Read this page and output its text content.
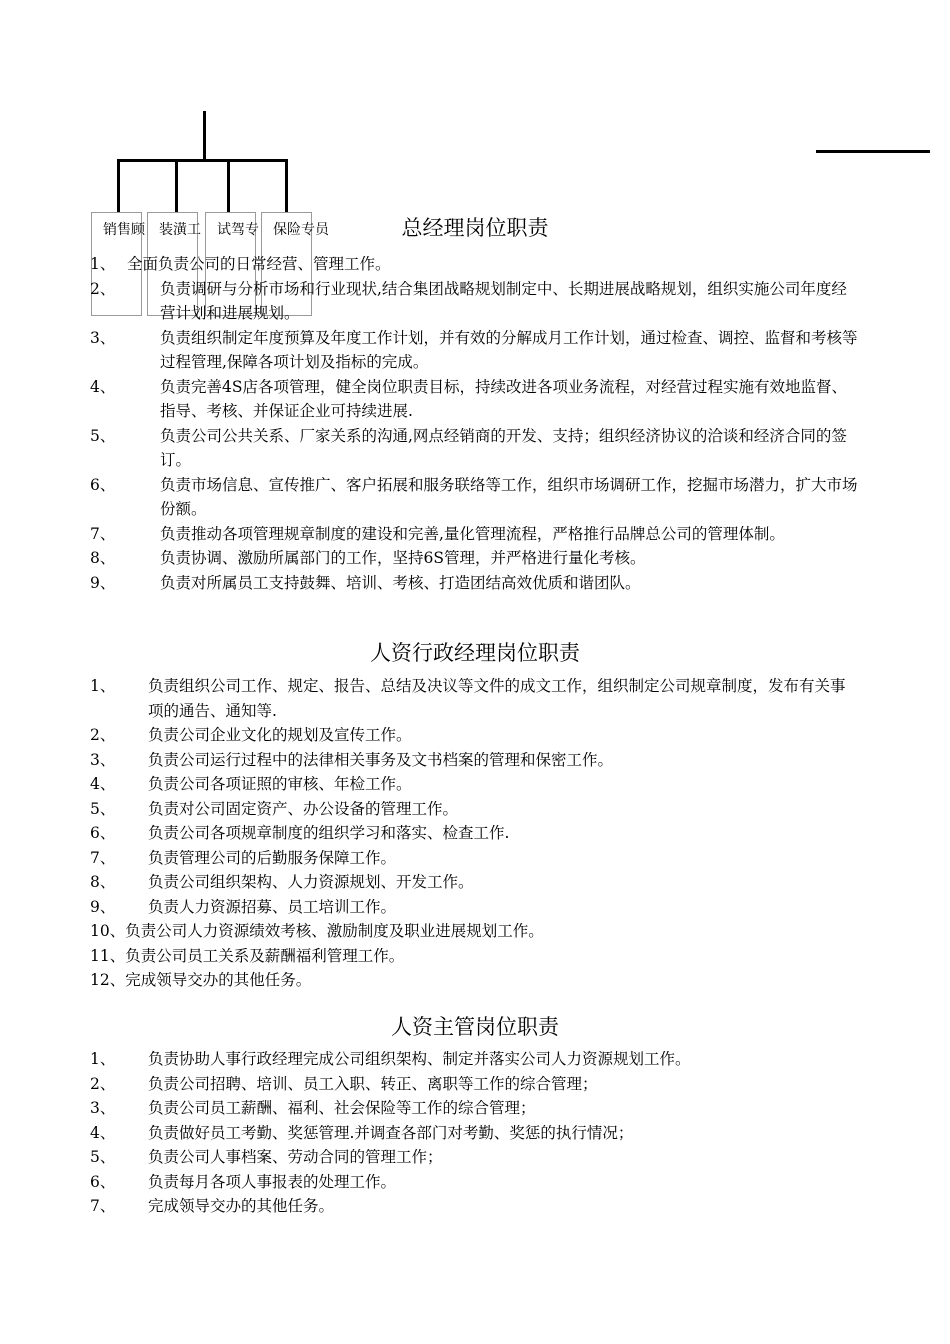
销售顾	装潢工	试驾专	保险专员	总经理岗位职责
1、 全面负责公司的日常经营、管理工作。
2、	负责调研与分析市场和行业现状,结合集团战略规划制定中、长期进展战略规划，组织实施公司年度经营计划和进展规划。
3、	负责组织制定年度预算及年度工作计划，并有效的分解成月工作计划，通过检查、调控、监督和考核等过程管理,保障各项计划及指标的完成。
4、	负责完善4S店各项管理，健全岗位职责目标，持续改进各项业务流程，对经营过程实施有效地监督、指导、考核、并保证企业可持续进展.
5、	负责公司公共关系、厂家关系的沟通,网点经销商的开发、支持；组织经济协议的洽谈和经济合同的签订。
6、	负责市场信息、宣传推广、客户拓展和服务联络等工作，组织市场调研工作，挖掘市场潜力，扩大市场份额。
7、	负责推动各项管理规章制度的建设和完善,量化管理流程，严格推行品牌总公司的管理体制。
8、	负责协调、激励所属部门的工作，坚持6S管理，并严格进行量化考核。
9、	负责对所属员工支持鼓舞、培训、考核、打造团结高效优质和谐团队。
人资行政经理岗位职责
1、	负责组织公司工作、规定、报告、总结及决议等文件的成文工作，组织制定公司规章制度，发布有关事项的通告、通知等.
2、	负责公司企业文化的规划及宣传工作。
3、	负责公司运行过程中的法律相关事务及文书档案的管理和保密工作。
4、	负责公司各项证照的审核、年检工作。
5、	负责对公司固定资产、办公设备的管理工作。
6、	负责公司各项规章制度的组织学习和落实、检查工作.
7、	负责管理公司的后勤服务保障工作。
8、	负责公司组织架构、人力资源规划、开发工作。
9、	负责人力资源招募、员工培训工作。
10、负责公司人力资源绩效考核、激励制度及职业进展规划工作。
11、负责公司员工关系及薪酬福利管理工作。
12、完成领导交办的其他任务。
人资主管岗位职责
1、	负责协助人事行政经理完成公司组织架构、制定并落实公司人力资源规划工作。
2、	负责公司招聘、培训、员工入职、转正、离职等工作的综合管理；
3、	负责公司员工薪酬、福利、社会保险等工作的综合管理；
4、	负责做好员工考勤、奖惩管理.并调查各部门对考勤、奖惩的执行情况；
5、	负责公司人事档案、劳动合同的管理工作；
6、	负责每月各项人事报表的处理工作。
7、	完成领导交办的其他任务。
